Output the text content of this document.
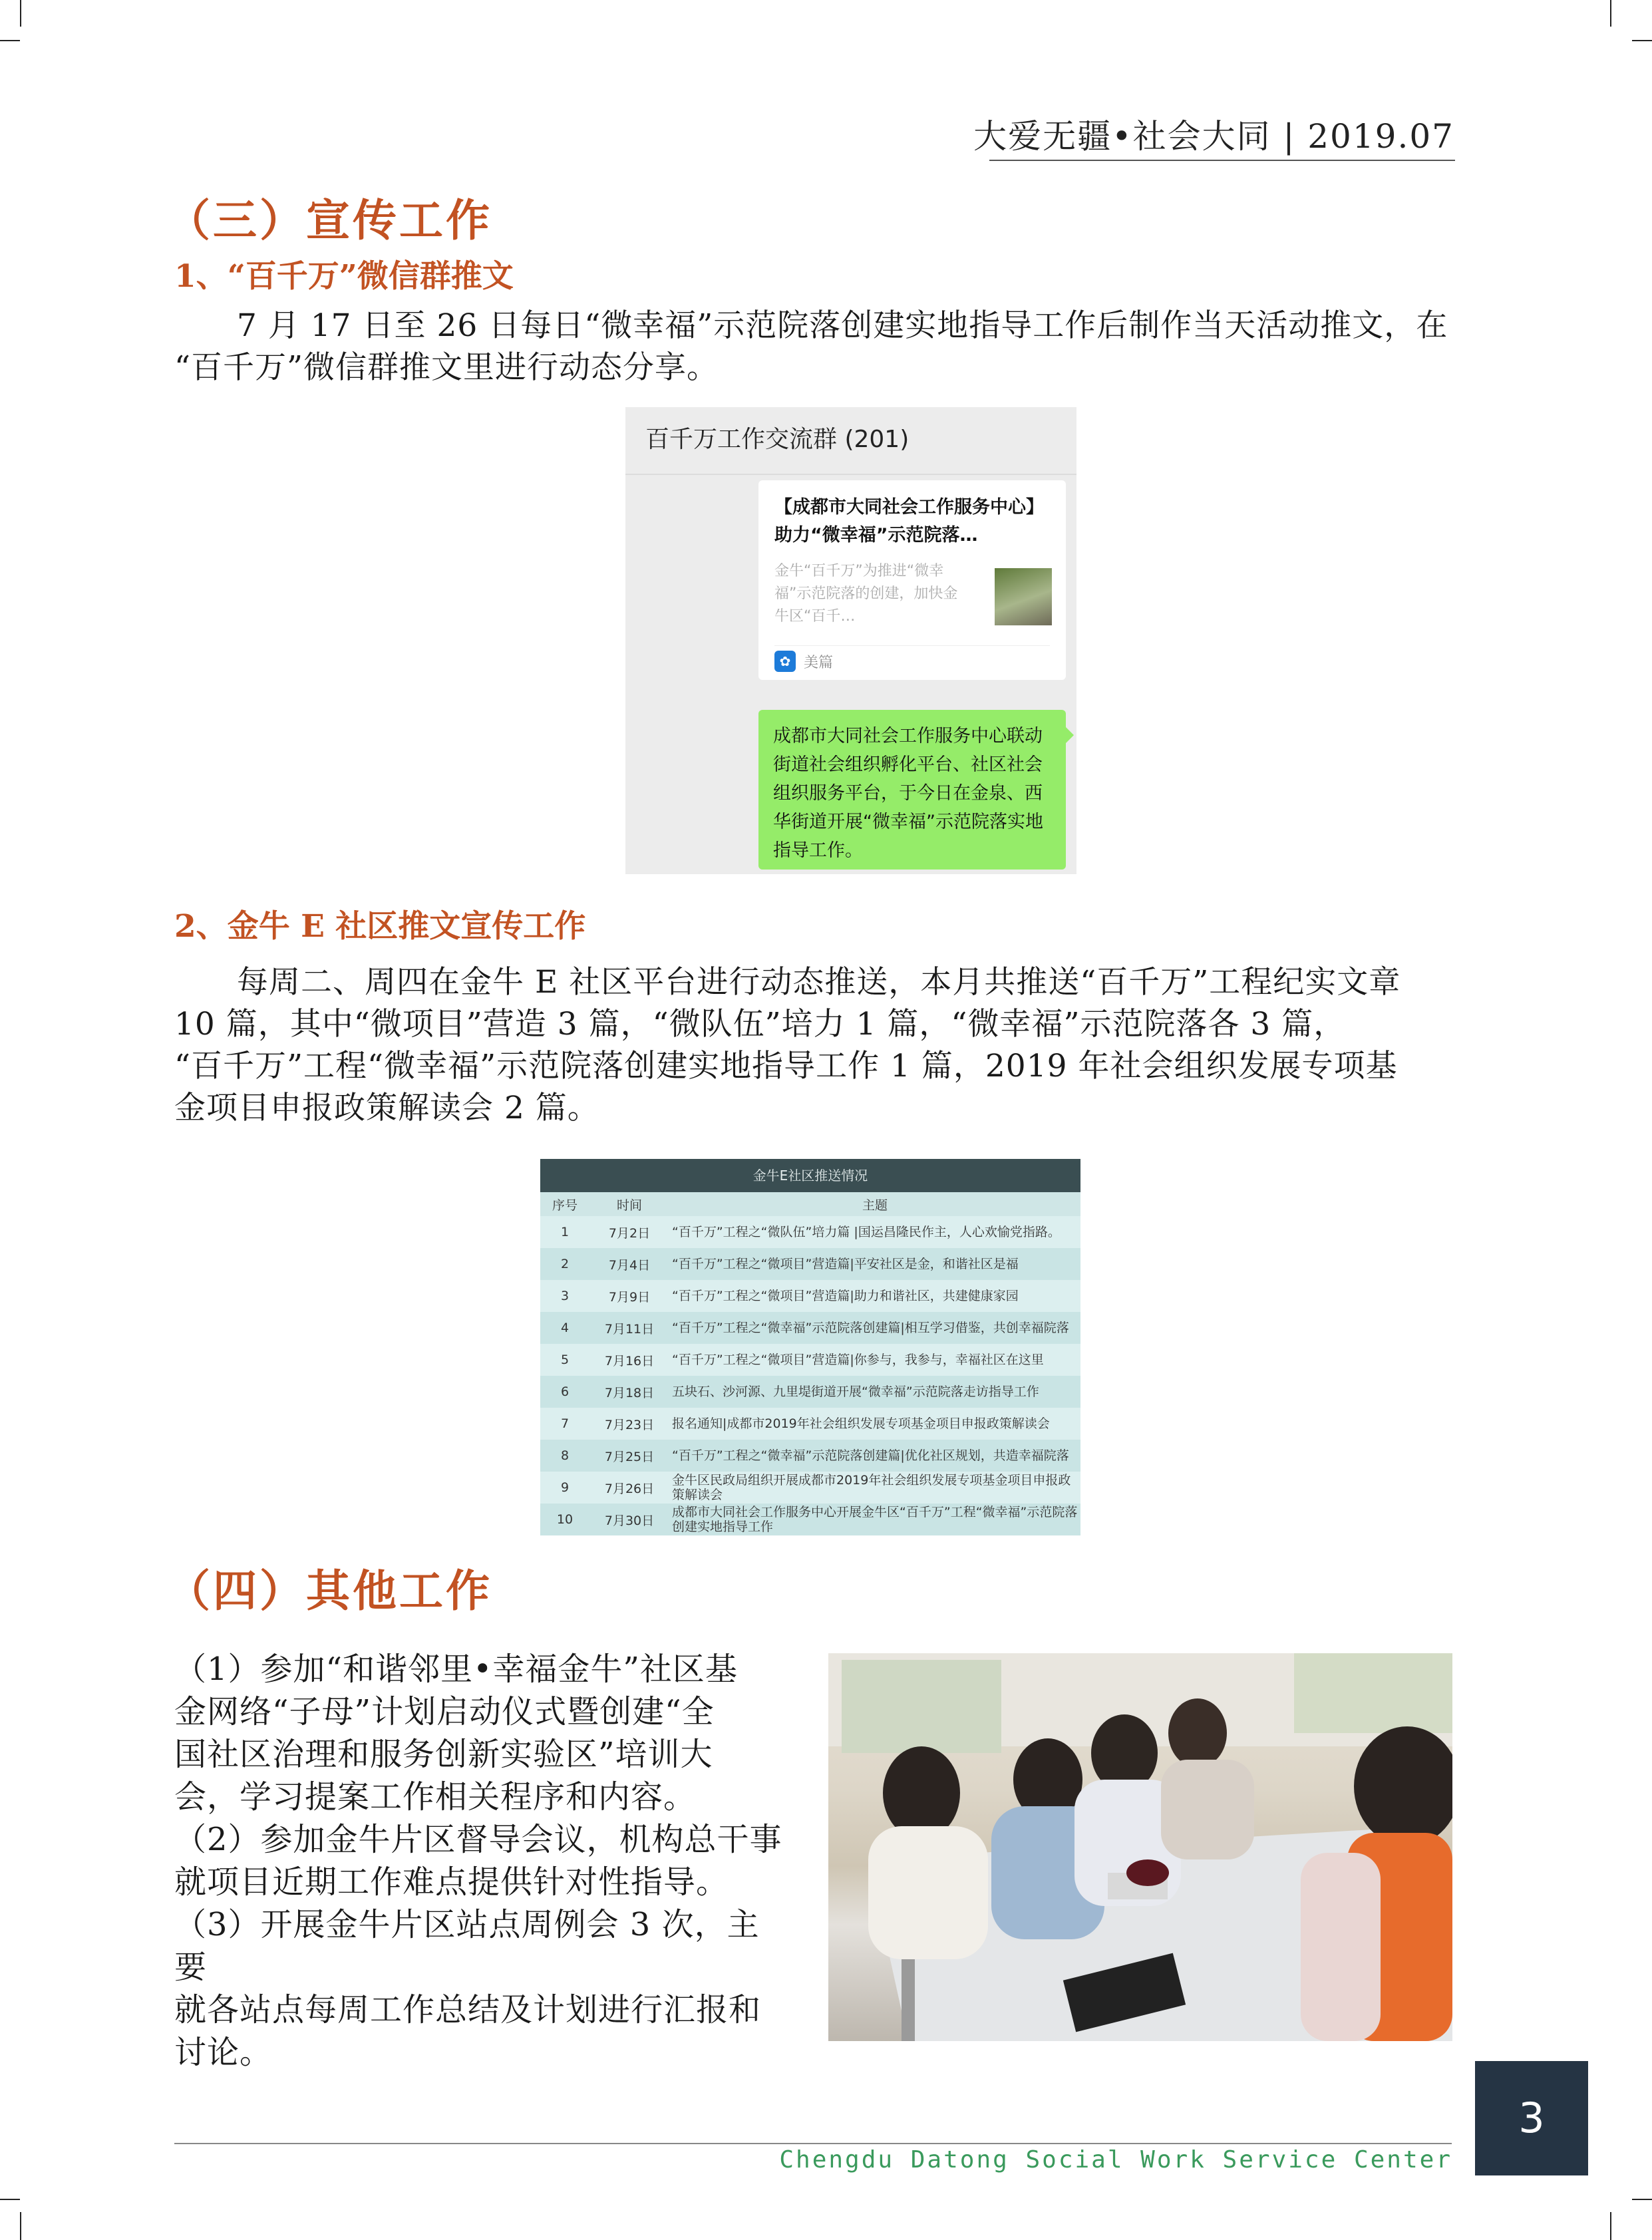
大爱无疆•社会大同 | 2019.07
（三）宣传工作
1、“百千万”微信群推文

7 月 17 日至 26 日每日“微幸福”示范院落创建实地指导工作后制作当天活动推文，在

“百千万”微信群推文里进行动态分享。

百千万工作交流群 (201)
【成都市大同社会工作服务中心】助力“微幸福”示范院落…
金牛“百千万”为推进“微幸福”示范院落的创建，加快金牛区“百千…
✿ 美篇
成都市大同社会工作服务中心联动街道社会组织孵化平台、社区社会组织服务平台，于今日在金泉、西华街道开展“微幸福”示范院落实地指导工作。
2、金牛 E 社区推文宣传工作

每周二、周四在金牛 E 社区平台进行动态推送，本月共推送“百千万”工程纪实文章

10 篇，其中“微项目”营造 3 篇，“微队伍”培力 1 篇，“微幸福”示范院落各 3 篇，

“百千万”工程“微幸福”示范院落创建实地指导工作 1 篇，2019 年社会组织发展专项基

金项目申报政策解读会 2 篇。

金牛E社区推送情况
序号	时间	主题

1	7月2日	“百千万”工程之“微队伍”培力篇 |国运昌隆民作主，人心欢愉党指路。

2	7月4日	“百千万”工程之“微项目”营造篇|平安社区是金，和谐社区是福

3	7月9日	“百千万”工程之“微项目”营造篇|助力和谐社区，共建健康家园

4	7月11日	“百千万”工程之“微幸福”示范院落创建篇|相互学习借鉴，共创幸福院落

5	7月16日	“百千万”工程之“微项目”营造篇|你参与，我参与，幸福社区在这里

6	7月18日	五块石、沙河源、九里堤街道开展“微幸福”示范院落走访指导工作

7	7月23日	报名通知|成都市2019年社会组织发展专项基金项目申报政策解读会

8	7月25日	“百千万”工程之“微幸福”示范院落创建篇|优化社区规划，共造幸福院落

9	7月26日	金牛区民政局组织开展成都市2019年社会组织发展专项基金项目申报政策解读会

10	7月30日	成都市大同社会工作服务中心开展金牛区“百千万”工程“微幸福”示范院落创建实地指导工作
（四）其他工作

（1）参加“和谐邻里•幸福金牛”社区基

金网络“子母”计划启动仪式暨创建“全

国社区治理和服务创新实验区”培训大

会，学习提案工作相关程序和内容。

（2）参加金牛片区督导会议，机构总干事

就项目近期工作难点提供针对性指导。

（3）开展金牛片区站点周例会 3 次，主要

就各站点每周工作总结及计划进行汇报和

讨论。

Chengdu Datong Social Work Service Center
3
